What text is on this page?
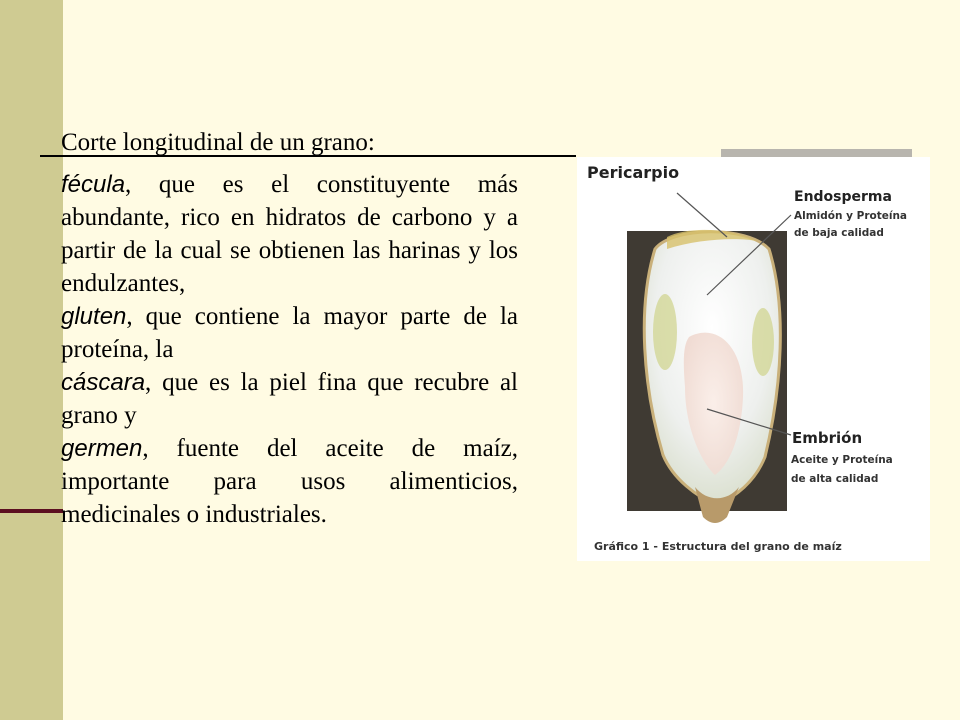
Corte longitudinal de un grano:

fécula, que es el constituyente más abundante, rico en hidratos de carbono y a partir de la cual se obtienen las harinas y los endulzantes,

gluten, que contiene la mayor parte de la proteína, la

cáscara, que es la piel fina que recubre al grano y

germen, fuente del aceite de maíz, importante para usos alimenticios, medicinales o industriales.

Pericarpio
Endosperma
Almidón y Proteína
de baja calidad
Embrión
Aceite y Proteína
de alta calidad
Gráfico 1 - Estructura del grano de maíz
